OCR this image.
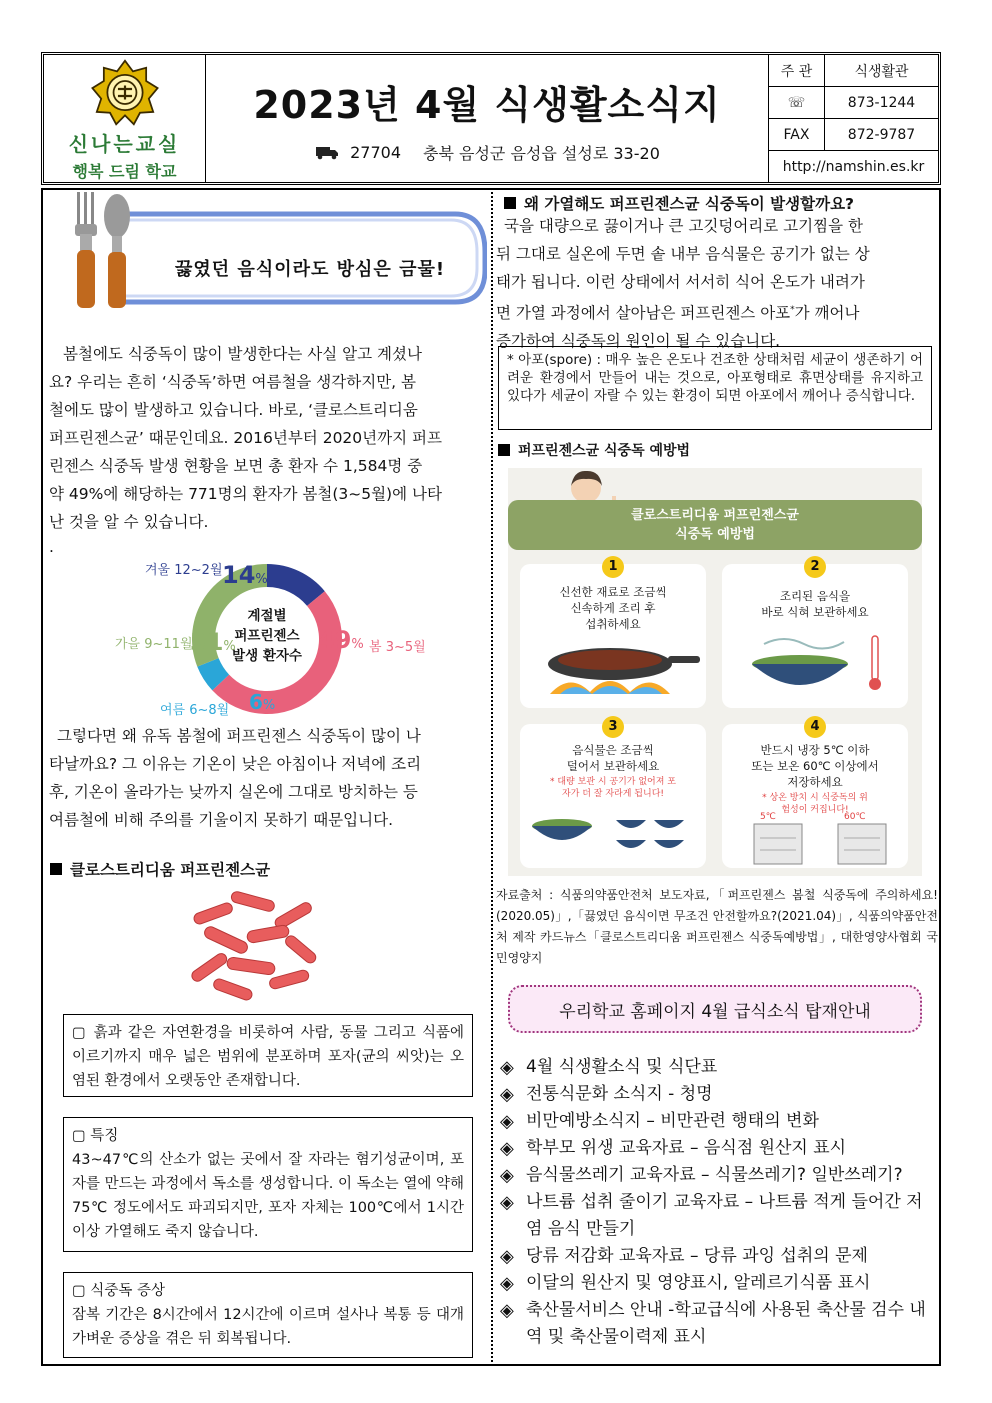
신나는교실
행복 드림 학교
2023년 4월 식생활소식지
27704 충북 음성군 음성읍 설성로 33-20
주 관	식생활관
☏	873-1244
FAX	872-9787
http://namshin.es.kr
끓였던 음식이라도 방심은 금물!
봄철에도 식중독이 많이 발생한다는 사실 알고 계셨나
요? 우리는 흔히 ‘식중독’하면 여름철을 생각하지만, 봄
철에도 많이 발생하고 있습니다. 바로, ‘클로스트리디움
퍼프린젠스균’ 때문인데요. 2016년부터 2020년까지 퍼프
린젠스 식중독 발생 현황을 보면 총 환자 수 1,584명 중
약 49%에 해당하는 771명의 환자가 봄철(3~5월)에 나타
난 것을 알 수 있습니다.
.
계절별
퍼프린젠스
발생 환자수
49% 봄 3~5월
6%
여름 6~8월
31%
가을 9~11월
14%
겨울 12~2월
그렇다면 왜 유독 봄철에 퍼프린젠스 식중독이 많이 나
타날까요? 그 이유는 기온이 낮은 아침이나 저녁에 조리
후, 기온이 올라가는 낮까지 실온에 그대로 방치하는 등
여름철에 비해 주의를 기울이지 못하기 때문입니다.
클로스트리디움 퍼프린젠스균
▢ 흙과 같은 자연환경을 비롯하여 사람, 동물 그리고 식품에 이르기까지 매우 넓은 범위에 분포하며 포자(균의 씨앗)는 오염된 환경에서 오랫동안 존재합니다.
▢ 특징
43~47℃의 산소가 없는 곳에서 잘 자라는 혐기성균이며, 포자를 만드는 과정에서 독소를 생성합니다. 이 독소는 열에 약해 75℃ 정도에서도 파괴되지만, 포자 자체는 100℃에서 1시간 이상 가열해도 죽지 않습니다.
▢ 식중독 증상
잠복 기간은 8시간에서 12시간에 이르며 설사나 복통 등 대개 가벼운 증상을 겪은 뒤 회복됩니다.
왜 가열해도 퍼프린젠스균 식중독이 발생할까요?
국을 대량으로 끓이거나 큰 고깃덩어리로 고기찜을 한
뒤 그대로 실온에 두면 솥 내부 음식물은 공기가 없는 상
태가 됩니다. 이런 상태에서 서서히 식어 온도가 내려가
면 가열 과정에서 살아남은 퍼프린젠스 아포*가 깨어나
증가하여 식중독의 원인이 될 수 있습니다.
* 아포(spore) : 매우 높은 온도나 건조한 상태처럼 세균이 생존하기 어려운 환경에서 만들어 내는 것으로, 아포형태로 휴면상태를 유지하고 있다가 세균이 자랄 수 있는 환경이 되면 아포에서 깨어나 증식합니다.
퍼프린젠스균 식중독 예방법
클로스트리디움 퍼프린젠스균
식중독 예방법
1
신선한 재료로 조금씩
신속하게 조리 후
섭취하세요
2
조리된 음식을
바로 식혀 보관하세요
3
음식물은 조금씩
덜어서 보관하세요
* 대량 보관 시 공기가 없어져 포자가 더 잘 자라게 됩니다!
4
반드시 냉장 5℃ 이하
또는 보온 60℃ 이상에서
저장하세요
* 상온 방치 시 식중독의 위험성이 커집니다!
5℃	60℃
자료출처 : 식품의약품안전처 보도자료,「퍼프린젠스 봄철 식중독에 주의하세요!(2020.05)」,「끓였던 음식이면 무조건 안전할까요?(2021.04)」, 식품의약품안전처 제작 카드뉴스「클로스트리디움 퍼프린젠스 식중독예방법」, 대한영양사협회 국민영양지
우리학교 홈페이지 4월 급식소식 탑재안내
◈ 4월 식생활소식 및 식단표
◈ 전통식문화 소식지 - 청명
◈ 비만예방소식지 – 비만관련 행태의 변화
◈ 학부모 위생 교육자료 – 음식점 원산지 표시
◈ 음식물쓰레기 교육자료 – 식물쓰레기? 일반쓰레기?
◈ 나트륨 섭취 줄이기 교육자료 – 나트륨 적게 들어간 저염 음식 만들기
◈ 당류 저감화 교육자료 – 당류 과잉 섭취의 문제
◈ 이달의 원산지 및 영양표시, 알레르기식품 표시
◈ 축산물서비스 안내 -학교급식에 사용된 축산물 검수 내역 및 축산물이력제 표시
